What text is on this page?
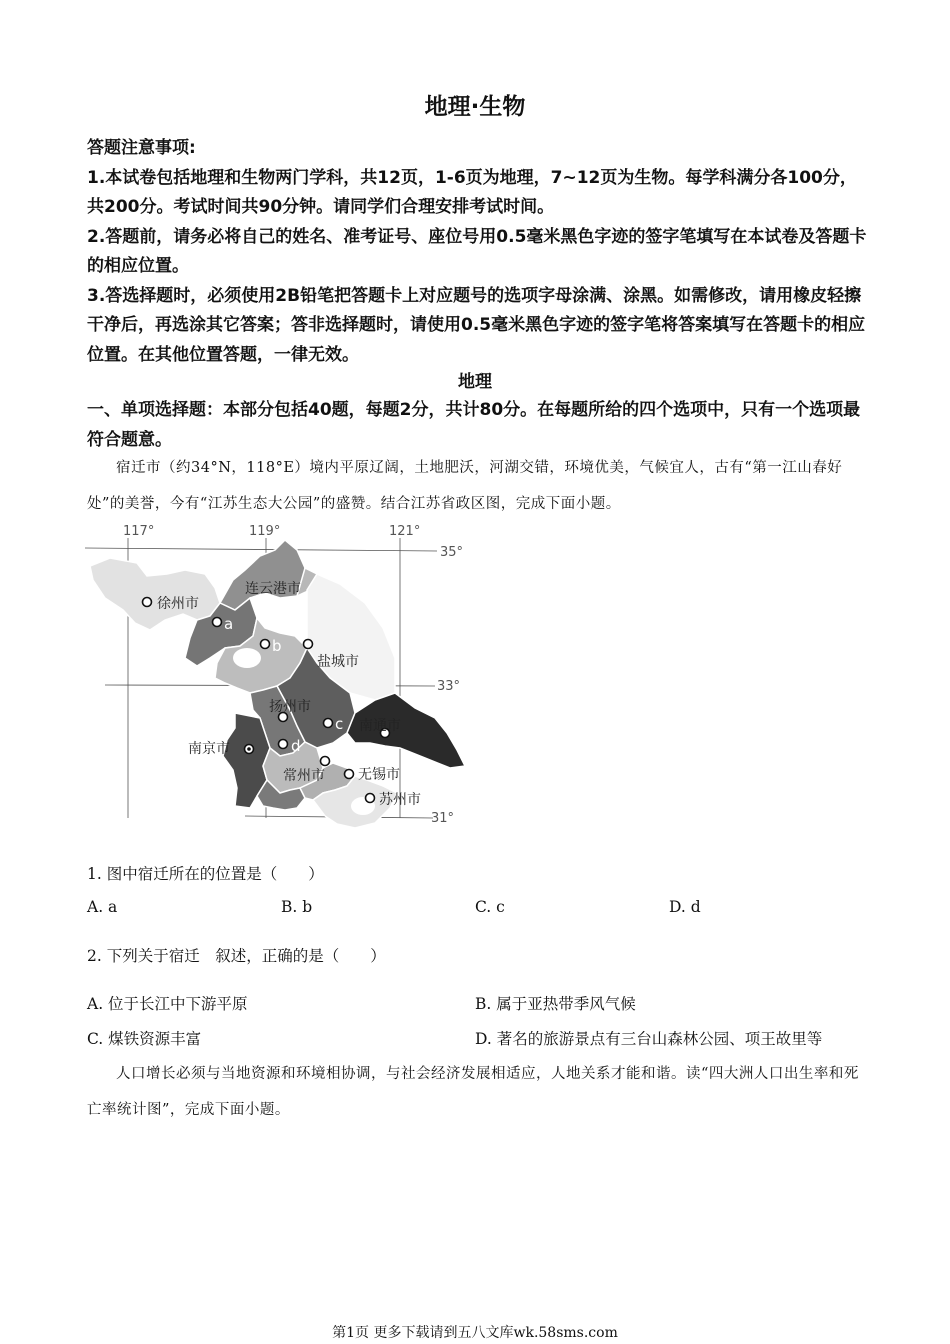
地理·生物

答题注意事项:

1.本试卷包括地理和生物两门学科，共12页，1-6页为地理，7~12页为生物。每学科满分各100分，共200分。考试时间共90分钟。请同学们合理安排考试时间。

2.答题前，请务必将自己的姓名、准考证号、座位号用0.5毫米黑色字迹的签字笔填写在本试卷及答题卡的相应位置。

3.答选择题时，必须使用2B铅笔把答题卡上对应题号的选项字母涂满、涂黑。如需修改，请用橡皮轻擦干净后，再选涂其它答案；答非选择题时，请使用0.5毫米黑色字迹的签字笔将答案填写在答题卡的相应位置。在其他位置答题，一律无效。

地理
一、单项选择题：本部分包括40题，每题2分，共计80分。在每题所给的四个选项中，只有一个选项最符合题意。
宿迁市（约34°N，118°E）境内平原辽阔，土地肥沃，河湖交错，环境优美，气候宜人，古有“第一江山春好处”的美誉，今有“江苏生态大公园”的盛赞。结合江苏省政区图，完成下面小题。
117°	119°	121°
35°
33°
31°
徐州市
连云港市
盐城市
扬州市
南通市
南京市
常州市 无锡市
苏州市
a
b
c
d
1. 图中宿迁所在的位置是（　　）
A. a	B. b	C. c	D. d
2. 下列关于宿迁　叙述，正确的是（　　）
A. 位于长江中下游平原	B. 属于亚热带季风气候
C. 煤铁资源丰富	D. 著名的旅游景点有三台山森林公园、项王故里等
人口增长必须与当地资源和环境相协调，与社会经济发展相适应，人地关系才能和谐。读“四大洲人口出生率和死亡率统计图”，完成下面小题。
第1页 更多下载请到五八文库wk.58sms.com
